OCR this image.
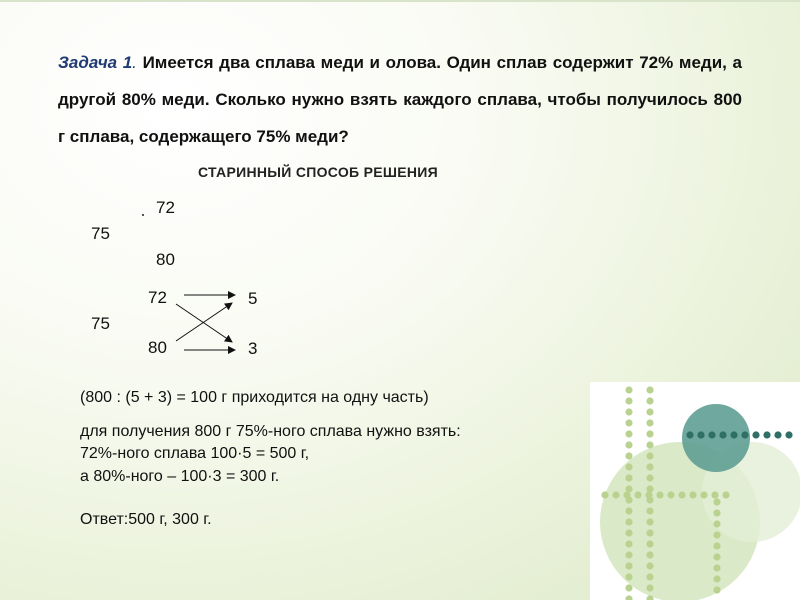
Задача 1. Имеется два сплава меди и олова. Один сплав содержит 72% меди, а другой 80% меди. Сколько нужно взять каждого сплава, чтобы получилось 800 г сплава, содержащего 75% меди?
СТАРИННЫЙ СПОСОБ РЕШЕНИЯ
72
75
80
72
75
80
5
3
(800 : (5 + 3) = 100 г приходится на одну часть)
для получения 800 г 75%-ного сплава нужно взять:
72%-ного сплава 100·5 = 500 г,
а 80%-ного – 100·3 = 300 г.
Ответ:500 г, 300 г.
